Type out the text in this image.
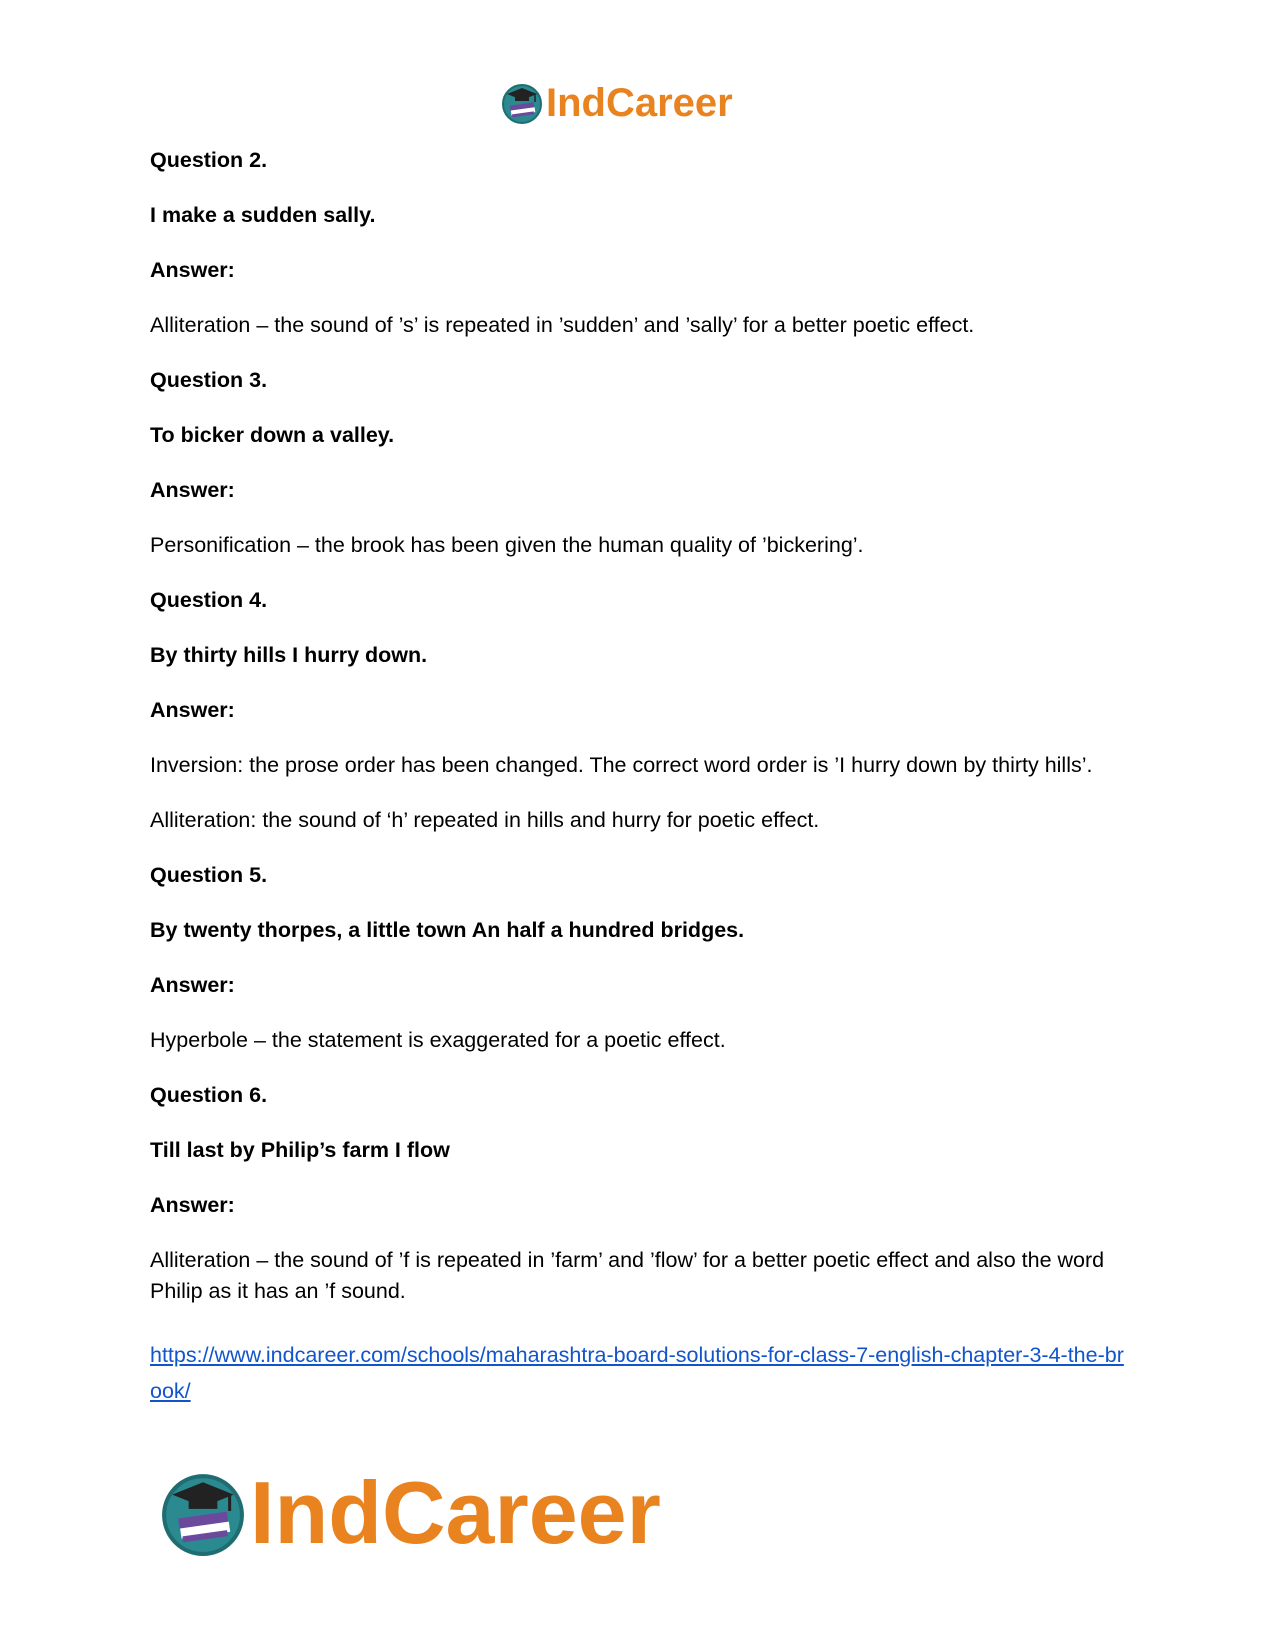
IndCareer

Question 2.

I make a sudden sally.

Answer:

Alliteration – the sound of ’s’ is repeated in ’sudden’ and ’sally’ for a better poetic effect.

Question 3.

To bicker down a valley.

Answer:

Personification – the brook has been given the human quality of ’bickering’.

Question 4.

By thirty hills I hurry down.

Answer:

Inversion: the prose order has been changed. The correct word order is ’I hurry down by thirty hills’.

Alliteration: the sound of ‘h’ repeated in hills and hurry for poetic effect.

Question 5.

By twenty thorpes, a little town An half a hundred bridges.

Answer:

Hyperbole – the statement is exaggerated for a poetic effect.

Question 6.

Till last by Philip’s farm I flow

Answer:

Alliteration – the sound of ’f is repeated in ’farm’ and ’flow’ for a better poetic effect and also the word Philip as it has an ’f sound.

https://www.indcareer.com/schools/maharashtra-board-solutions-for-class-7-english-chapter-3-4-the-brook/
IndCareer
